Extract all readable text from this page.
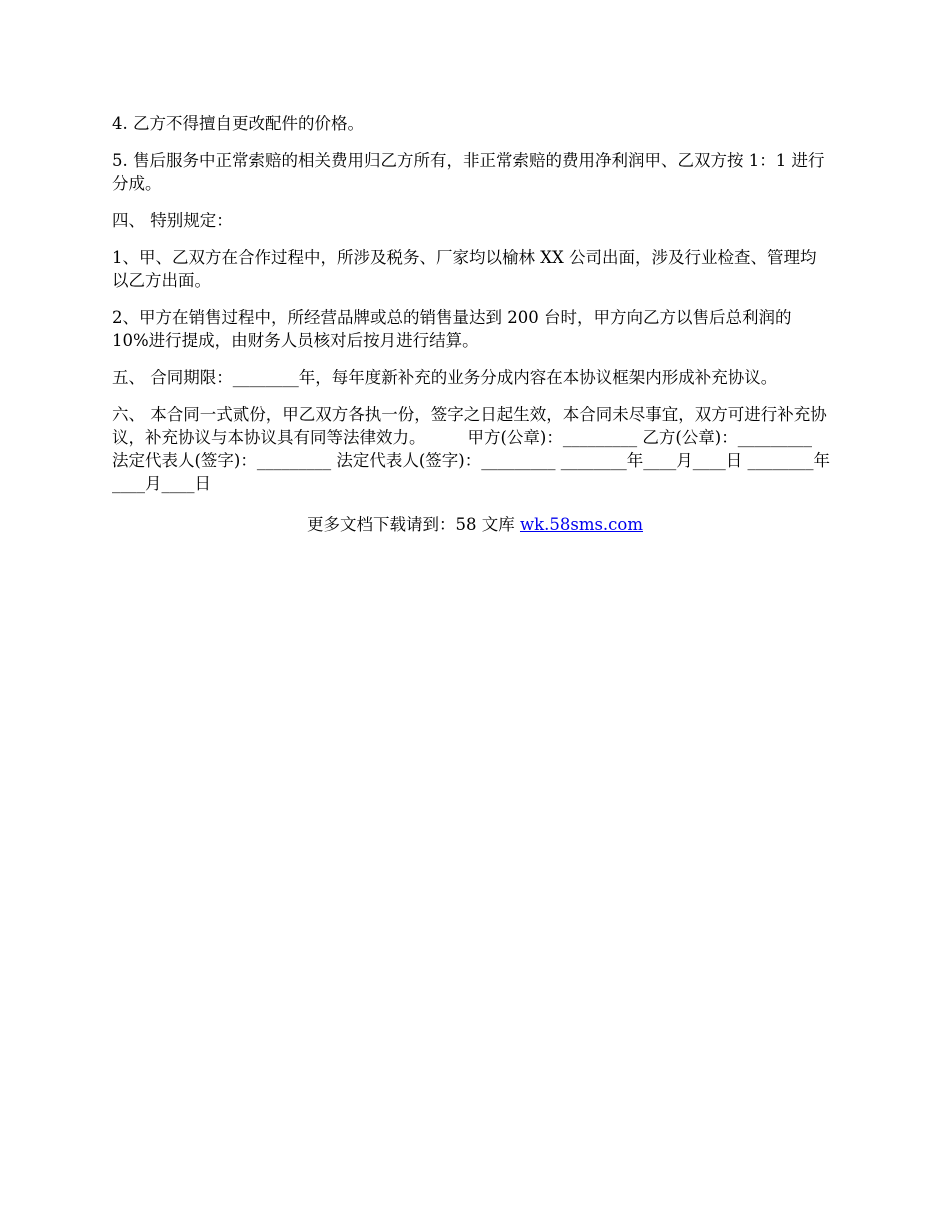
4. 乙方不得擅自更改配件的价格。

5. 售后服务中正常索赔的相关费用归乙方所有，非正常索赔的费用净利润甲、乙双方按 1：1 进行分成。

四、 特别规定：

1、甲、乙双方在合作过程中，所涉及税务、厂家均以榆林 XX 公司出面，涉及行业检查、管理均以乙方出面。

2、甲方在销售过程中，所经营品牌或总的销售量达到 200 台时，甲方向乙方以售后总利润的 10%进行提成，由财务人员核对后按月进行结算。

五、 合同期限：________年，每年度新补充的业务分成内容在本协议框架内形成补充协议。

六、 本合同一式贰份，甲乙双方各执一份，签字之日起生效，本合同未尽事宜，双方可进行补充协议，补充协议与本协议具有同等法律效力。        甲方(公章)：_________ 乙方(公章)：_________        法定代表人(签字)：_________ 法定代表人(签字)：_________ ________年____月____日 ________年____月____日

更多文档下载请到：58 文库 wk.58sms.com
